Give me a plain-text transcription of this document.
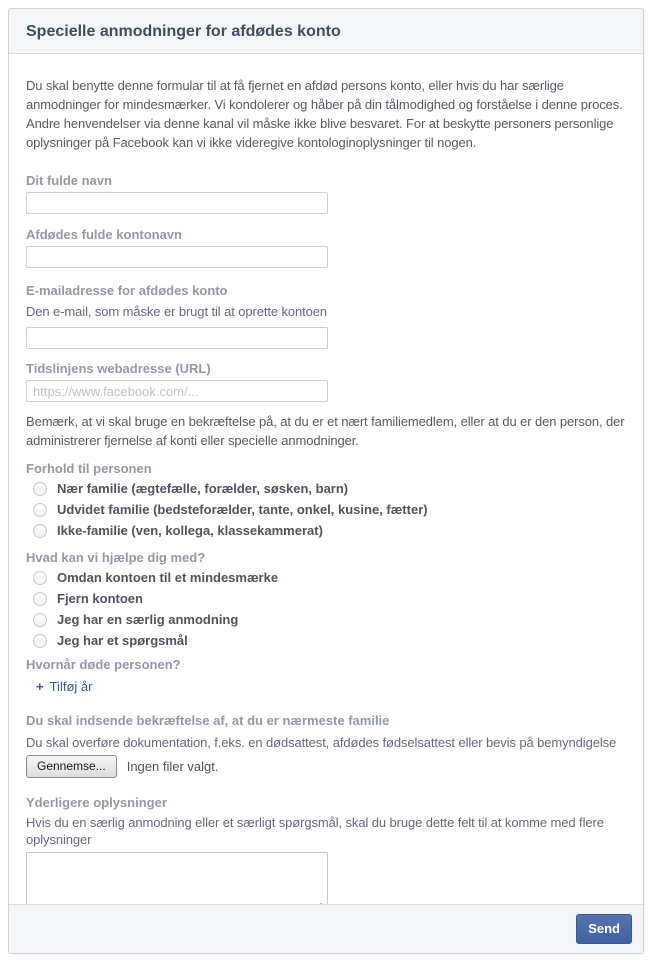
Specielle anmodninger for afdødes konto

Du skal benytte denne formular til at få fjernet en afdød persons konto, eller hvis du har særlige anmodninger for mindesmærker. Vi kondolerer og håber på din tålmodighed og forståelse i denne proces. Andre henvendelser via denne kanal vil måske ikke blive besvaret. For at beskytte personers personlige oplysninger på Facebook kan vi ikke videregive kontologinoplysninger til nogen.

Dit fulde navn
Afdødes fulde kontonavn
E-mailadresse for afdødes konto
Den e-mail, som måske er brugt til at oprette kontoen
Tidslinjens webadresse (URL)
https://www.facebook.com/...

Bemærk, at vi skal bruge en bekræftelse på, at du er et nært familiemedlem, eller at du er den person, der administrerer fjernelse af konti eller specielle anmodninger.

Forhold til personen
Nær familie (ægtefælle, forælder, søsken, barn)
Udvidet familie (bedsteforælder, tante, onkel, kusine, fætter)
Ikke-familie (ven, kollega, klassekammerat)
Hvad kan vi hjælpe dig med?
Omdan kontoen til et mindesmærke
Fjern kontoen
Jeg har en særlig anmodning
Jeg har et spørgsmål
Hvornår døde personen?
+ Tilføj år
Du skal indsende bekræftelse af, at du er nærmeste familie
Du skal overføre dokumentation, f.eks. en dødsattest, afdødes fødselsattest eller bevis på bemyndigelse
Gennemse...	Ingen filer valgt.
Yderligere oplysninger
Hvis du en særlig anmodning eller et særligt spørgsmål, skal du bruge dette felt til at komme med flere oplysninger
Send
